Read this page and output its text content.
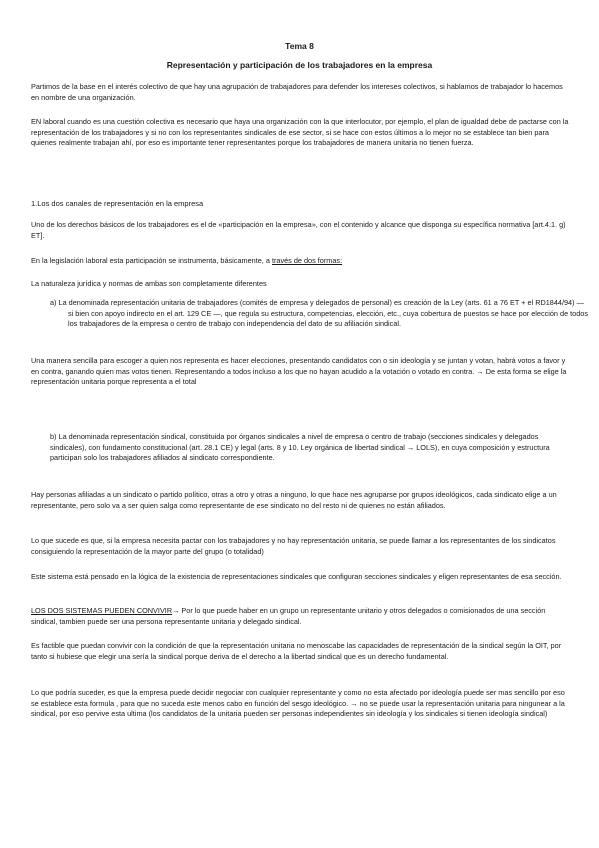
Tema 8
Representación y participación de los trabajadores en la empresa

Partimos de la base en el interés colectivo de que hay una agrupación de trabajadores para defender los intereses colectivos, si hablamos de trabajador lo hacemos en nombre de una organización.

EN laboral cuando es una cuestión colectiva es necesario que haya una organización con la que interlocutor, por ejemplo, el plan de igualdad debe de pactarse con la representación de los trabajadores y si no con los representantes sindicales de ese sector, si se hace con estos últimos a lo mejor no se establece tan bien para quienes realmente trabajan ahí, por eso es importante tener representantes porque los trabajadores de manera unitaria no tienen fuerza.

1.Los dos canales de representación en la empresa

Uno de los derechos básicos de los trabajadores es el de «participación en la empresa», con el contenido y alcance que disponga su específica normativa [art.4.1. g) ET].

En la legislación laboral esta participación se instrumenta, básicamente, a través de dos formas:

La naturaleza jurídica y normas de ambas son completamente diferentes

a) La denominada representación unitaria de trabajadores (comités de empresa y delegados de personal) es creación de la Ley (arts. 61 a 76 ET + el RD1844/94) —si bien con apoyo indirecto en el art. 129 CE —, que regula su estructura, competencias, elección, etc., cuya cobertura de puestos se hace por elección de todos los trabajadores de la empresa o centro de trabajo con independencia del dato de su afiliación sindical.

Una manera sencilla para escoger a quien nos representa es hacer elecciones, presentando candidatos con o sin ideología y se juntan y votan, habrá votos a favor y en contra, ganando quien mas votos tienen. Representando a todos incluso a los que no hayan acudido a la votación o votado en contra. → De esta forma se elige la representación unitaria porque representa a el total

b) La denominada representación sindical, constituida por órganos sindicales a nivel de empresa o centro de trabajo (secciones sindicales y delegados sindicales), con fundamento constitucional (art. 28.1 CE) y legal (arts. 8 y 10. Ley orgánica de libertad sindical → LOLS), en cuya composición y estructura participan solo los trabajadores afiliados al sindicato correspondiente.

Hay personas afiliadas a un sindicato o partido político, otras a otro y otras a ninguno, lo que hace nes agruparse por grupos ideológicos, cada sindicato elige a un representante, pero solo va a ser quien salga como representante de ese sindicato no del resto ni de quienes no están afiliados.

Lo que sucede es que, si la empresa necesita pactar con los trabajadores y no hay representación unitaria, se puede llamar a los representantes de los sindicatos consiguiendo la representación de la mayor parte del grupo (o totalidad)

Este sistema está pensado en la lógica de la existencia de representaciones sindicales que configuran secciones sindicales y eligen representantes de esa sección.

LOS DOS SISTEMAS PUEDEN CONVIVIR→ Por lo que puede haber en un grupo un representante unitario y otros delegados o comisionados de una sección sindical, tambien puede ser una persona representante unitaria y delegado sindical.

Es factible que puedan convivir con la condición de que la representación unitaria no menoscabe las capacidades de representación de la sindical según la OIT, por tanto si hubiese que elegir una sería la sindical porque deriva de el derecho a la libertad sindical que es un derecho fundamental.

Lo que podría suceder, es que la empresa puede decidir negociar con cualquier representante y como no esta afectado por ideología puede ser mas sencillo por eso se establece esta formula , para que no suceda este menos cabo en función del sesgo ideológico. → no se puede usar la representación unitaria para ningunear a la sindical, por eso pervive esta ultima (los candidatos de la unitaria pueden ser personas independientes sin ideología y los sindicales si tienen ideología sindical)
